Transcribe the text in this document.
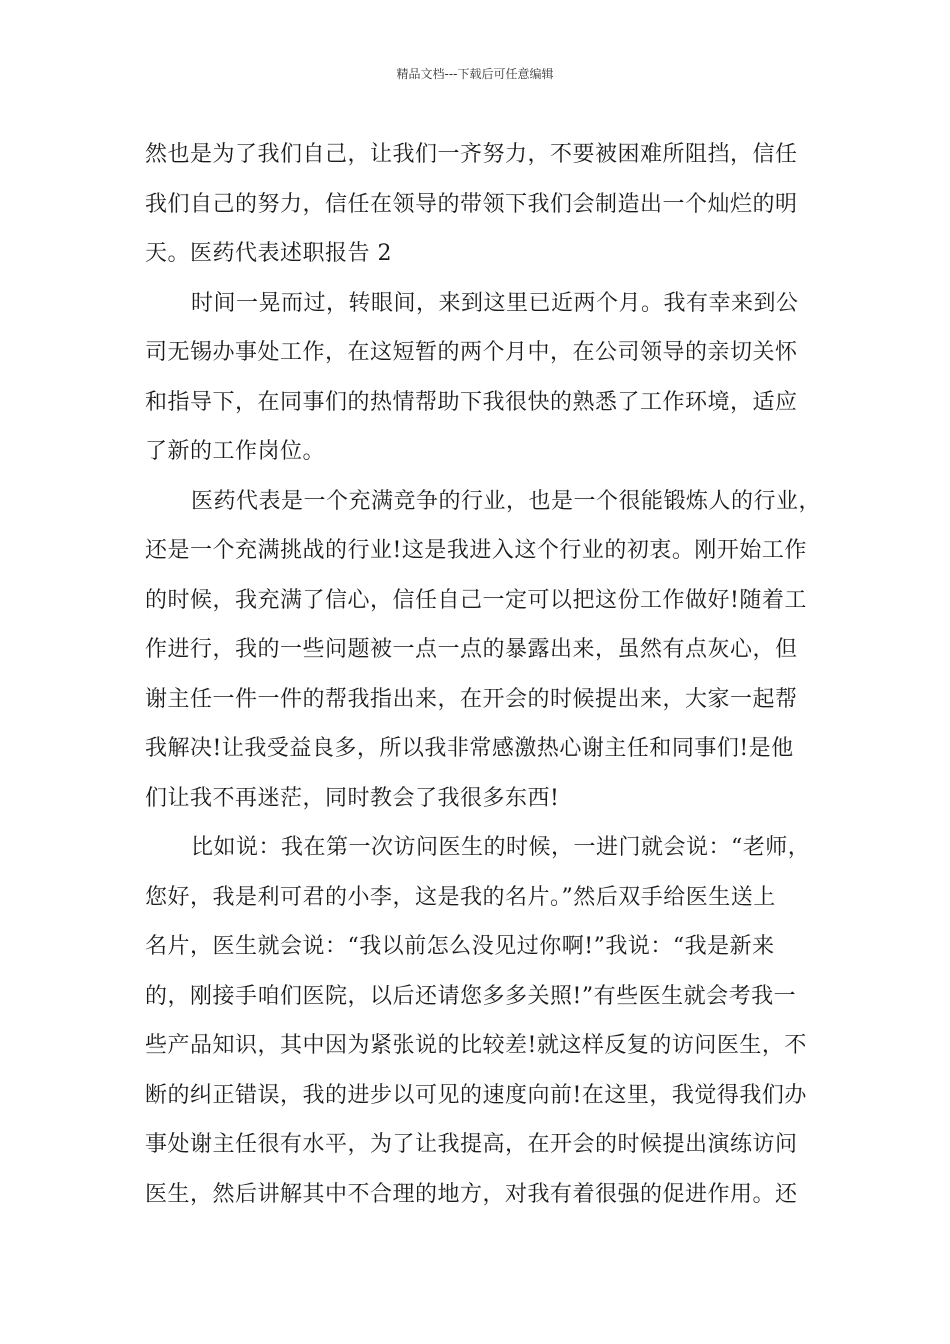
精品文档---下载后可任意编辑
然也是为了我们自己，让我们一齐努力，不要被困难所阻挡，信任
我们自己的努力，信任在领导的带领下我们会制造出一个灿烂的明
天。医药代表述职报告 2
时间一晃而过，转眼间，来到这里已近两个月。我有幸来到公
司无锡办事处工作，在这短暂的两个月中，在公司领导的亲切关怀
和指导下，在同事们的热情帮助下我很快的熟悉了工作环境，适应
了新的工作岗位。
医药代表是一个充满竞争的行业，也是一个很能锻炼人的行业，
还是一个充满挑战的行业!这是我进入这个行业的初衷。刚开始工作
的时候，我充满了信心，信任自己一定可以把这份工作做好!随着工
作进行，我的一些问题被一点一点的暴露出来，虽然有点灰心，但
谢主任一件一件的帮我指出来，在开会的时候提出来，大家一起帮
我解决!让我受益良多，所以我非常感激热心谢主任和同事们!是他
们让我不再迷茫，同时教会了我很多东西!
比如说：我在第一次访问医生的时候，一进门就会说：“老师，
您好，我是利可君的小李，这是我的名片。”然后双手给医生送上
名片，医生就会说：“我以前怎么没见过你啊!”我说：“我是新来
的，刚接手咱们医院，以后还请您多多关照!”有些医生就会考我一
些产品知识，其中因为紧张说的比较差!就这样反复的访问医生，不
断的纠正错误，我的进步以可见的速度向前!在这里，我觉得我们办
事处谢主任很有水平，为了让我提高，在开会的时候提出演练访问
医生，然后讲解其中不合理的地方，对我有着很强的促进作用。还
